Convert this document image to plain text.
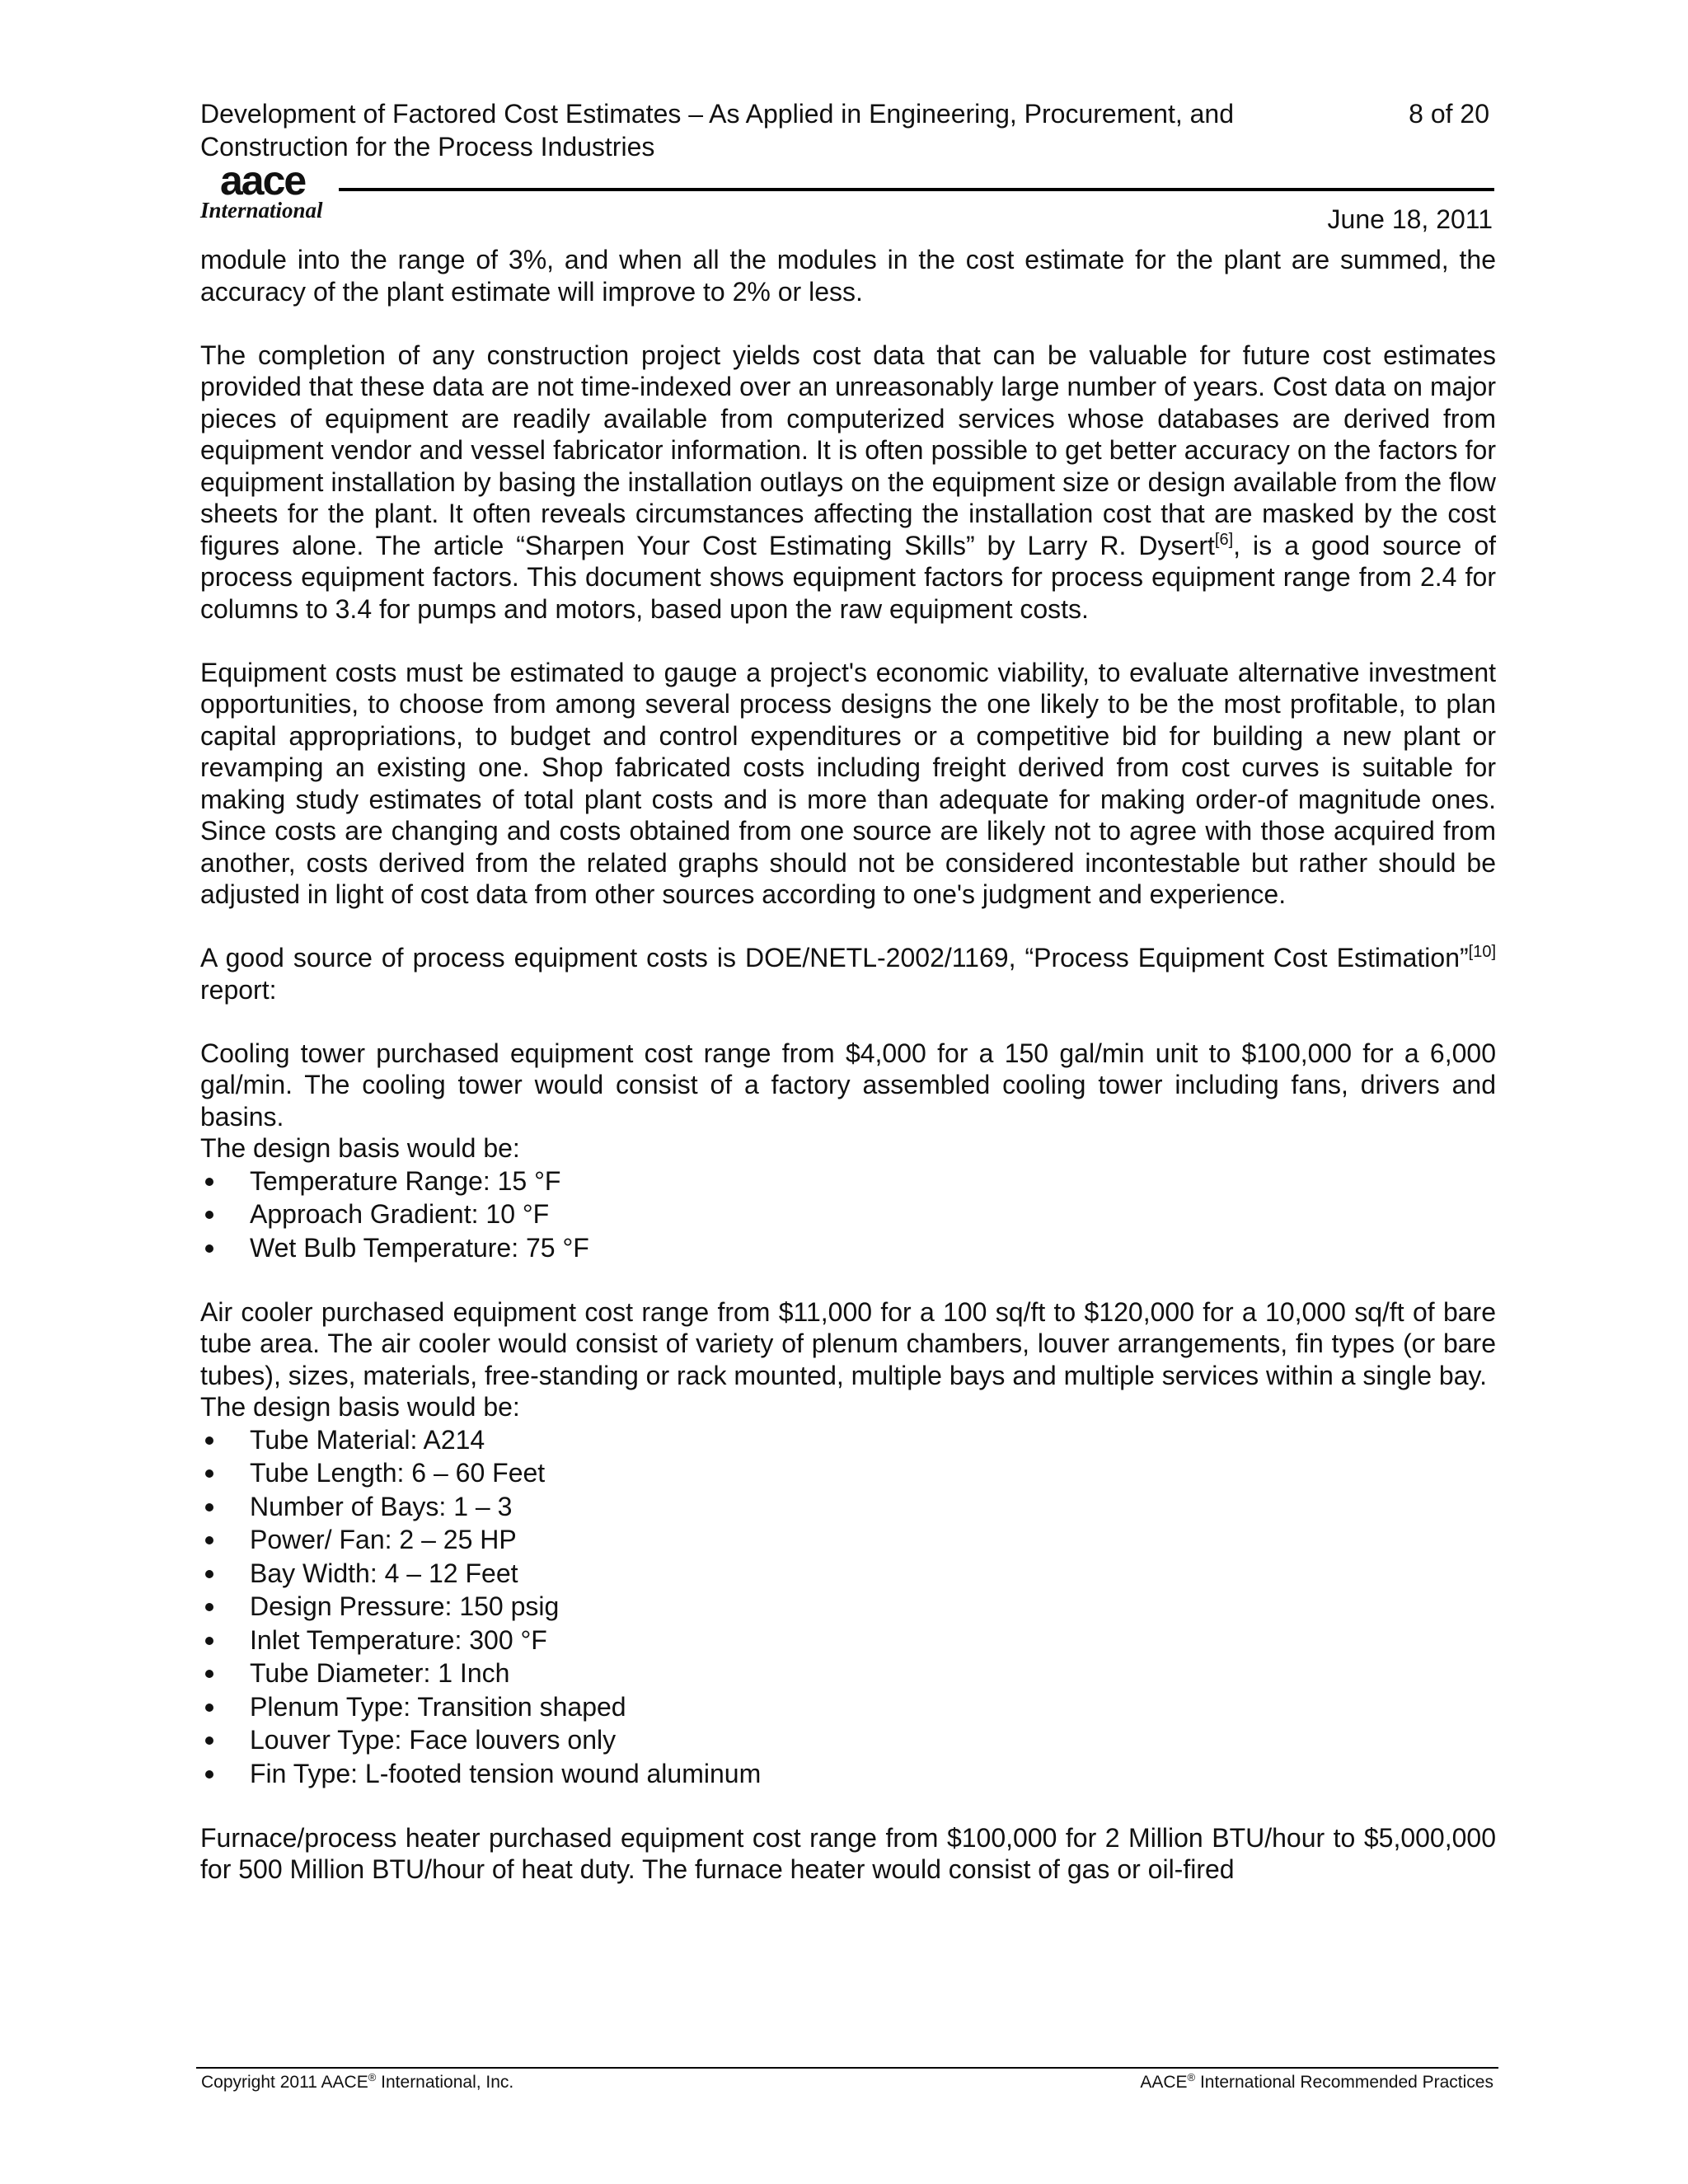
Development of Factored Cost Estimates – As Applied in Engineering, Procurement, and Construction for the Process Industries
8 of 20
aace
International	June 18, 2011

module into the range of 3%, and when all the modules in the cost estimate for the plant are summed, the accuracy of the plant estimate will improve to 2% or less.

The completion of any construction project yields cost data that can be valuable for future cost estimates provided that these data are not time-indexed over an unreasonably large number of years. Cost data on major pieces of equipment are readily available from computerized services whose databases are derived from equipment vendor and vessel fabricator information. It is often possible to get better accuracy on the factors for equipment installation by basing the installation outlays on the equipment size or design available from the flow sheets for the plant. It often reveals circumstances affecting the installation cost that are masked by the cost figures alone. The article “Sharpen Your Cost Estimating Skills” by Larry R. Dysert[6], is a good source of process equipment factors. This document shows equipment factors for process equipment range from 2.4 for columns to 3.4 for pumps and motors, based upon the raw equipment costs.

Equipment costs must be estimated to gauge a project's economic viability, to evaluate alternative investment opportunities, to choose from among several process designs the one likely to be the most profitable, to plan capital appropriations, to budget and control expenditures or a competitive bid for building a new plant or revamping an existing one. Shop fabricated costs including freight derived from cost curves is suitable for making study estimates of total plant costs and is more than adequate for making order-of magnitude ones. Since costs are changing and costs obtained from one source are likely not to agree with those acquired from another, costs derived from the related graphs should not be considered incontestable but rather should be adjusted in light of cost data from other sources according to one's judgment and experience.

A good source of process equipment costs is DOE/NETL-2002/1169, “Process Equipment Cost Estimation”[10] report:

Cooling tower purchased equipment cost range from $4,000 for a 150 gal/min unit to $100,000 for a 6,000 gal/min. The cooling tower would consist of a factory assembled cooling tower including fans, drivers and basins.

The design basis would be:

Temperature Range: 15 °F
Approach Gradient: 10 °F
Wet Bulb Temperature: 75 °F

Air cooler purchased equipment cost range from $11,000 for a 100 sq/ft to $120,000 for a 10,000 sq/ft of bare tube area. The air cooler would consist of variety of plenum chambers, louver arrangements, fin types (or bare tubes), sizes, materials, free-standing or rack mounted, multiple bays and multiple services within a single bay.

The design basis would be:

Tube Material: A214
Tube Length: 6 – 60 Feet
Number of Bays: 1 – 3
Power/ Fan: 2 – 25 HP
Bay Width: 4 – 12 Feet
Design Pressure: 150 psig
Inlet Temperature: 300 °F
Tube Diameter: 1 Inch
Plenum Type: Transition shaped
Louver Type: Face louvers only
Fin Type: L-footed tension wound aluminum

Furnace/process heater purchased equipment cost range from $100,000 for 2 Million BTU/hour to $5,000,000 for 500 Million BTU/hour of heat duty. The furnace heater would consist of gas or oil-fired

Copyright 2011 AACE® International, Inc.	AACE® International Recommended Practices
